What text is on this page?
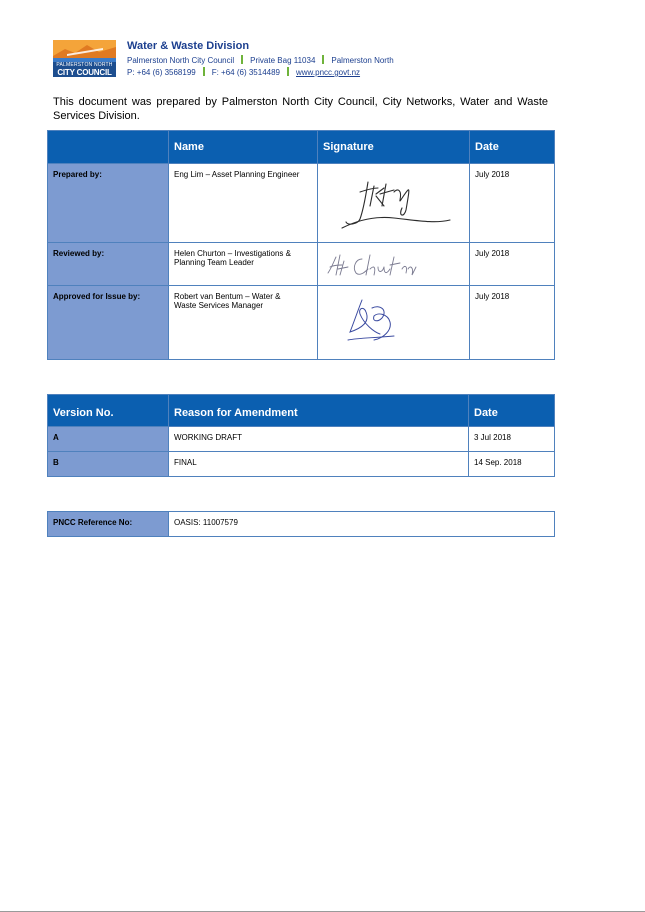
PALMERSTON NORTH
CITY COUNCIL
Water & Waste Division
Palmerston North City Council Private Bag 11034 Palmerston North
P: +64 (6) 3568199 F: +64 (6) 3514489 www.pncc.govt.nz
This document was prepared by Palmerston North City Council, City Networks, Water and Waste Services Division.
	Name	Signature	Date
Prepared by:	Eng Lim – Asset Planning Engineer		July 2018
Reviewed by:	Helen Churton – Investigations &
Planning Team Leader		July 2018
Approved for Issue by:	Robert van Bentum – Water &
Waste Services Manager		July 2018
Version No.	Reason for Amendment	Date
A	WORKING DRAFT	3 Jul 2018
B	FINAL	14 Sep. 2018
PNCC Reference No:	OASIS: 11007579
